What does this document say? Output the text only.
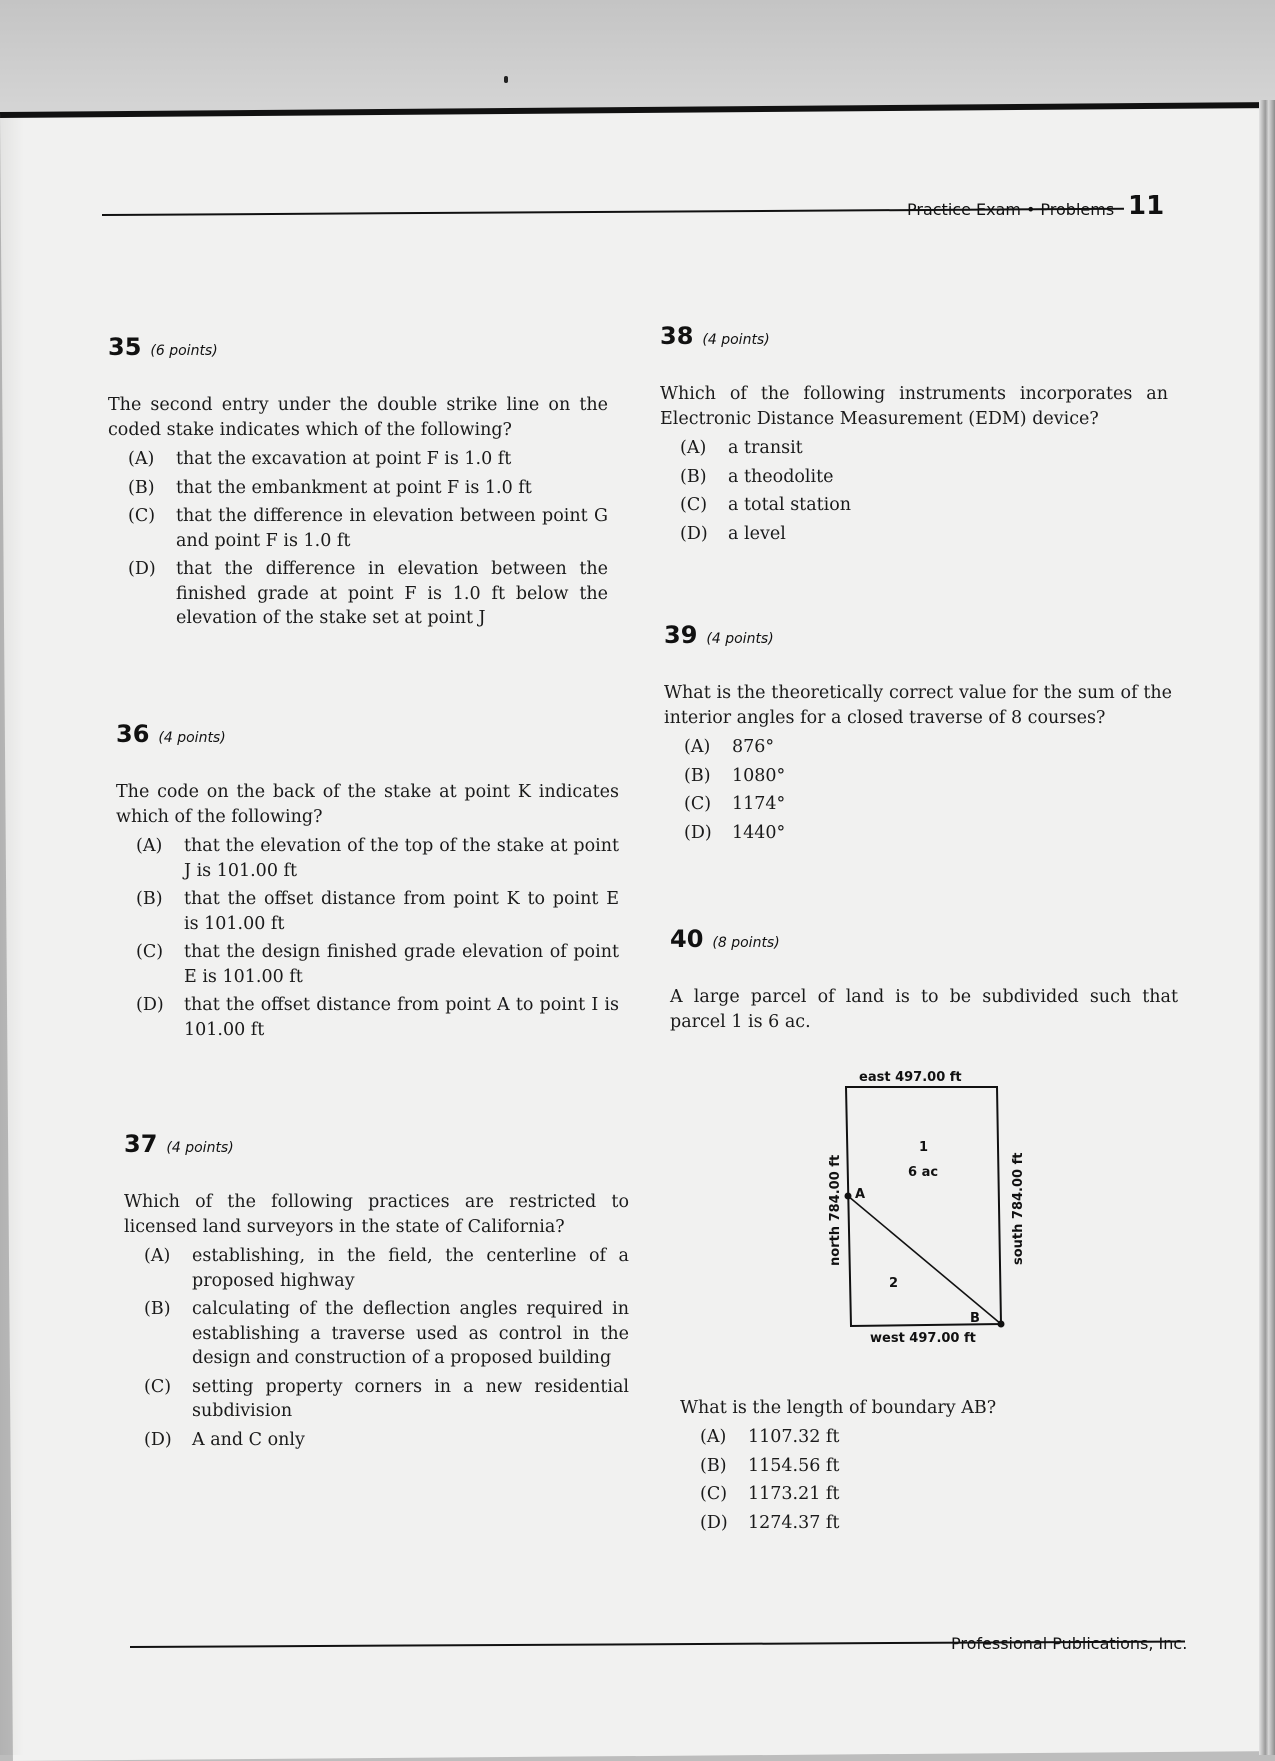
Practice Exam • Problems 11
35 (6 points)

The second entry under the double strike line on the coded stake indicates which of the following?

(A)	that the excavation at point F is 1.0 ft
(B)	that the embankment at point F is 1.0 ft
(C)	that the difference in elevation between point G and point F is 1.0 ft
(D)	that the difference in elevation between the finished grade at point F is 1.0 ft below the elevation of the stake set at point J
36 (4 points)

The code on the back of the stake at point K indicates which of the following?

(A)	that the elevation of the top of the stake at point J is 101.00 ft
(B)	that the offset distance from point K to point E is 101.00 ft
(C)	that the design finished grade elevation of point E is 101.00 ft
(D)	that the offset distance from point A to point I is 101.00 ft
37 (4 points)

Which of the following practices are restricted to licensed land surveyors in the state of California?

(A)	establishing, in the field, the centerline of a proposed highway
(B)	calculating of the deflection angles required in establishing a traverse used as control in the design and construction of a proposed building
(C)	setting property corners in a new residential subdivision
(D)	A and C only
38 (4 points)

Which of the following instruments incorporates an Electronic Distance Measurement (EDM) device?

(A)	a transit
(B)	a theodolite
(C)	a total station
(D)	a level
39 (4 points)

What is the theoretically correct value for the sum of the interior angles for a closed traverse of 8 courses?

(A)	876°
(B)	1080°
(C)	1174°
(D)	1440°
40 (8 points)

A large parcel of land is to be subdivided such that parcel 1 is 6 ac.

east 497.00 ft
west 497.00 ft
north 784.00 ft	south 784.00 ft
1
6 ac
2
A
B

What is the length of boundary AB?

(A)	1107.32 ft
(B)	1154.56 ft
(C)	1173.21 ft
(D)	1274.37 ft
Professional Publications, Inc.
